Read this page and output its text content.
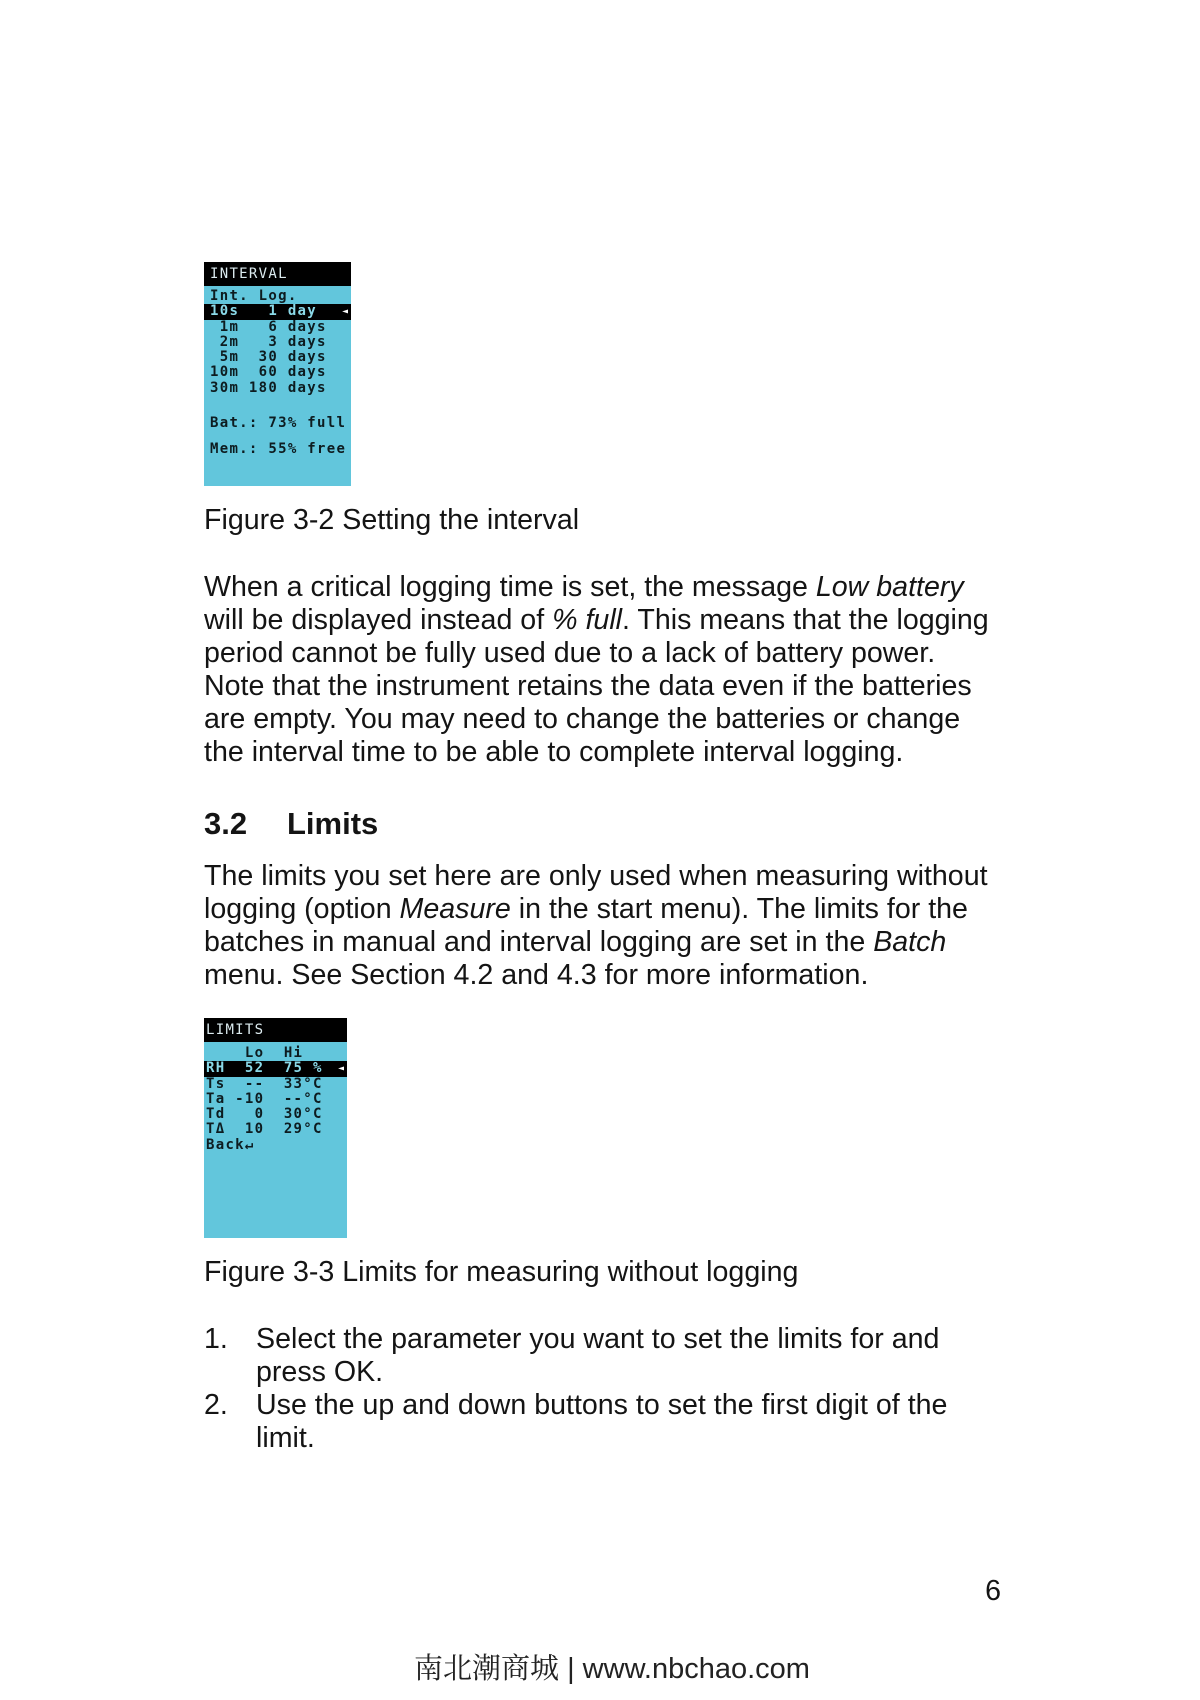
INTERVAL
Int. Log.
10s	1 day ◄
1m	6 days
2m	3 days
5m	30 days
10m	60 days
30m 180 days
Bat.: 73% full
Mem.: 55% free
Figure 3-2 Setting the interval
When a critical logging time is set, the message Low battery
will be displayed instead of % full. This means that the logging
period cannot be fully used due to a lack of battery power.
Note that the instrument retains the data even if the batteries
are empty. You may need to change the batteries or change
the interval time to be able to complete interval logging.
3.2 Limits
The limits you set here are only used when measuring without
logging (option Measure in the start menu). The limits for the
batches in manual and interval logging are set in the Batch
menu. See Section 4.2 and 4.3 for more information.
LIMITS
Lo Hi
RH	52 75 % ◄
Ts	-- 33 °C
Ta -10 -- °C
Td	0 30 °C
TΔ	10 29 °C
Back↵
Figure 3-3 Limits for measuring without logging
1. Select the parameter you want to set the limits for and
press OK.
2. Use the up and down buttons to set the first digit of the
limit.
6
南北潮商城 | www.nbchao.com
